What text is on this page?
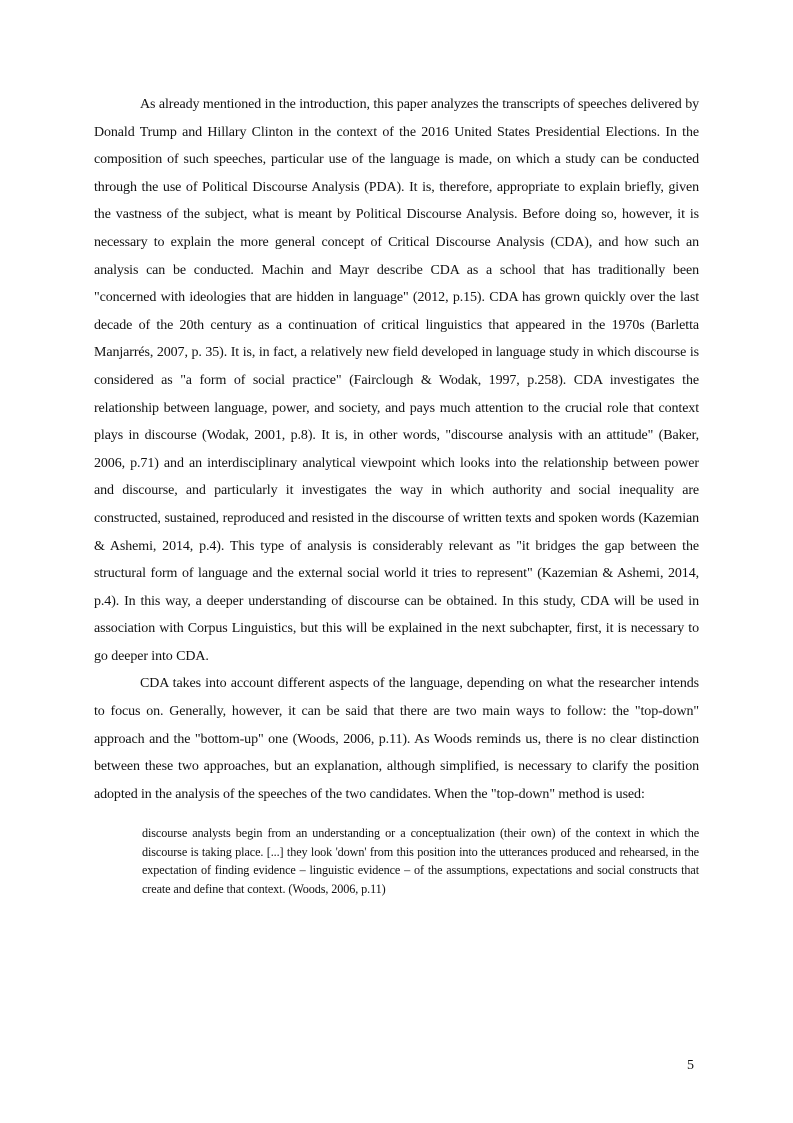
As already mentioned in the introduction, this paper analyzes the transcripts of speeches delivered by Donald Trump and Hillary Clinton in the context of the 2016 United States Presidential Elections. In the composition of such speeches, particular use of the language is made, on which a study can be conducted through the use of Political Discourse Analysis (PDA). It is, therefore, appropriate to explain briefly, given the vastness of the subject, what is meant by Political Discourse Analysis. Before doing so, however, it is necessary to explain the more general concept of Critical Discourse Analysis (CDA), and how such an analysis can be conducted. Machin and Mayr describe CDA as a school that has traditionally been "concerned with ideologies that are hidden in language" (2012, p.15). CDA has grown quickly over the last decade of the 20th century as a continuation of critical linguistics that appeared in the 1970s (Barletta Manjarrés, 2007, p. 35). It is, in fact, a relatively new field developed in language study in which discourse is considered as "a form of social practice" (Fairclough & Wodak, 1997, p.258). CDA investigates the relationship between language, power, and society, and pays much attention to the crucial role that context plays in discourse (Wodak, 2001, p.8). It is, in other words, "discourse analysis with an attitude" (Baker, 2006, p.71) and an interdisciplinary analytical viewpoint which looks into the relationship between power and discourse, and particularly it investigates the way in which authority and social inequality are constructed, sustained, reproduced and resisted in the discourse of written texts and spoken words (Kazemian & Ashemi, 2014, p.4). This type of analysis is considerably relevant as "it bridges the gap between the structural form of language and the external social world it tries to represent" (Kazemian & Ashemi, 2014, p.4). In this way, a deeper understanding of discourse can be obtained. In this study, CDA will be used in association with Corpus Linguistics, but this will be explained in the next subchapter, first, it is necessary to go deeper into CDA.

CDA takes into account different aspects of the language, depending on what the researcher intends to focus on. Generally, however, it can be said that there are two main ways to follow: the "top-down" approach and the "bottom-up" one (Woods, 2006, p.11). As Woods reminds us, there is no clear distinction between these two approaches, but an explanation, although simplified, is necessary to clarify the position adopted in the analysis of the speeches of the two candidates. When the "top-down" method is used:

discourse analysts begin from an understanding or a conceptualization (their own) of the context in which the discourse is taking place. [...] they look 'down' from this position into the utterances produced and rehearsed, in the expectation of finding evidence – linguistic evidence – of the assumptions, expectations and social constructs that create and define that context. (Woods, 2006, p.11)

5
